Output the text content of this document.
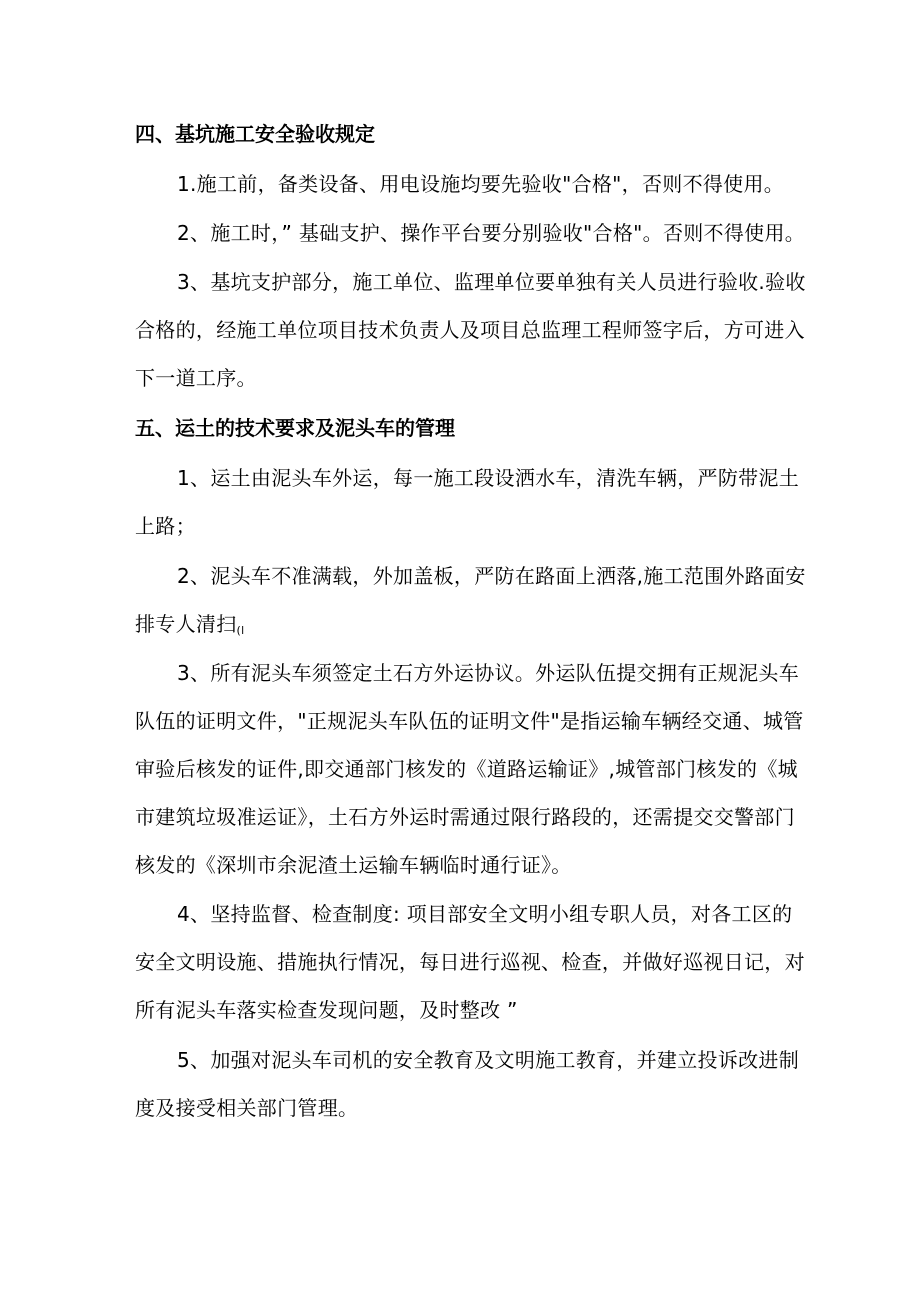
四、基坑施工安全验收规定
1.施工前，备类设备、用电设施均要先验收"合格"，否则不得使用。
2、施工时，” 基础支护、操作平台要分别验收"合格"。否则不得使用。
3、基坑支护部分，施工单位、监理单位要单独有关人员进行验收.验收
合格的，经施工单位项目技术负责人及项目总监理工程师签字后，方可进入
下一道工序。
五、运土的技术要求及泥头车的管理
1、运土由泥头车外运，每一施工段设洒水车，清洗车辆，严防带泥土
上路；
2、泥头车不准满载，外加盖板，严防在路面上洒落,施工范围外路面安
排专人清扫(l
3、所有泥头车须签定土石方外运协议。外运队伍提交拥有正规泥头车
队伍的证明文件，"正规泥头车队伍的证明文件"是指运输车辆经交通、城管
审验后核发的证件,即交通部门核发的《道路运输证》,城管部门核发的《城
市建筑垃圾准运证》，土石方外运时需通过限行路段的，还需提交交警部门
核发的《深圳市余泥渣土运输车辆临时通行证》。
4、坚持监督、检查制度: 项目部安全文明小组专职人员，对各工区的
安全文明设施、措施执行情况，每日进行巡视、检查，并做好巡视日记，对
所有泥头车落实检查发现问题，及时整改 ”
5、加强对泥头车司机的安全教育及文明施工教育，并建立投诉改进制
度及接受相关部门管理。
